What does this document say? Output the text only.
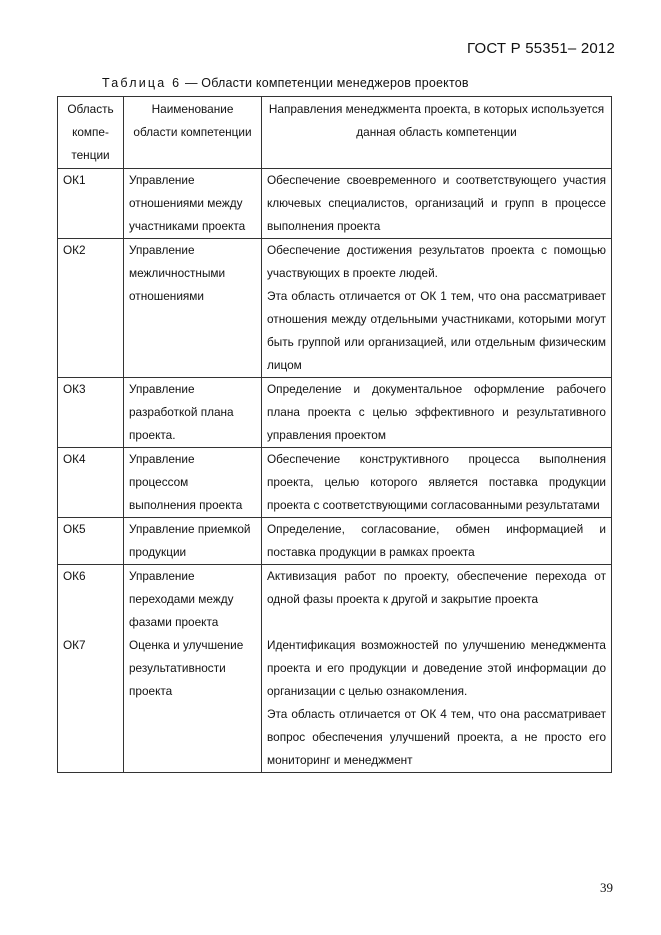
ГОСТ Р 55351– 2012
Таблица 6 — Области компетенции менеджеров проектов
Область компе- тенции	Наименование области компетенции	Направления менеджмента проекта, в которых используется данная область компетенции
ОК1	Управление отношениями между участниками проекта	Обеспечение своевременного и соответствующего участия ключевых специалистов, организаций и групп в процессе выполнения проекта

ОК2	Управление межличностными отношениями	Обеспечение достижения результатов проекта с помощью участвующих в проекте людей.
Эта область отличается от ОК 1 тем, что она рассматривает отношения между отдельными участниками, которыми могут быть группой или организацией, или отдельным физическим лицом

ОК3	Управление разработкой плана проекта.	Определение и документальное оформление рабочего плана проекта с целью эффективного и результативного управления проектом

ОК4	Управление процессом выполнения проекта	Обеспечение конструктивного процесса выполнения проекта, целью которого является поставка продукции проекта с соответствующими согласованными результатами

ОК5	Управление приемкой продукции	Определение, согласование, обмен информацией и поставка продукции в рамках проекта

ОК6	Управление переходами между фазами проекта	Активизация работ по проекту, обеспечение перехода от одной фазы проекта к другой и закрытие проекта

ОК7	Оценка и улучшение результативности проекта	Идентификация возможностей по улучшению менеджмента проекта и его продукции и доведение этой информации до организации с целью ознакомления.
Эта область отличается от ОК 4 тем, что она рассматривает вопрос обеспечения улучшений проекта, а не просто его мониторинг и менеджмент
39
